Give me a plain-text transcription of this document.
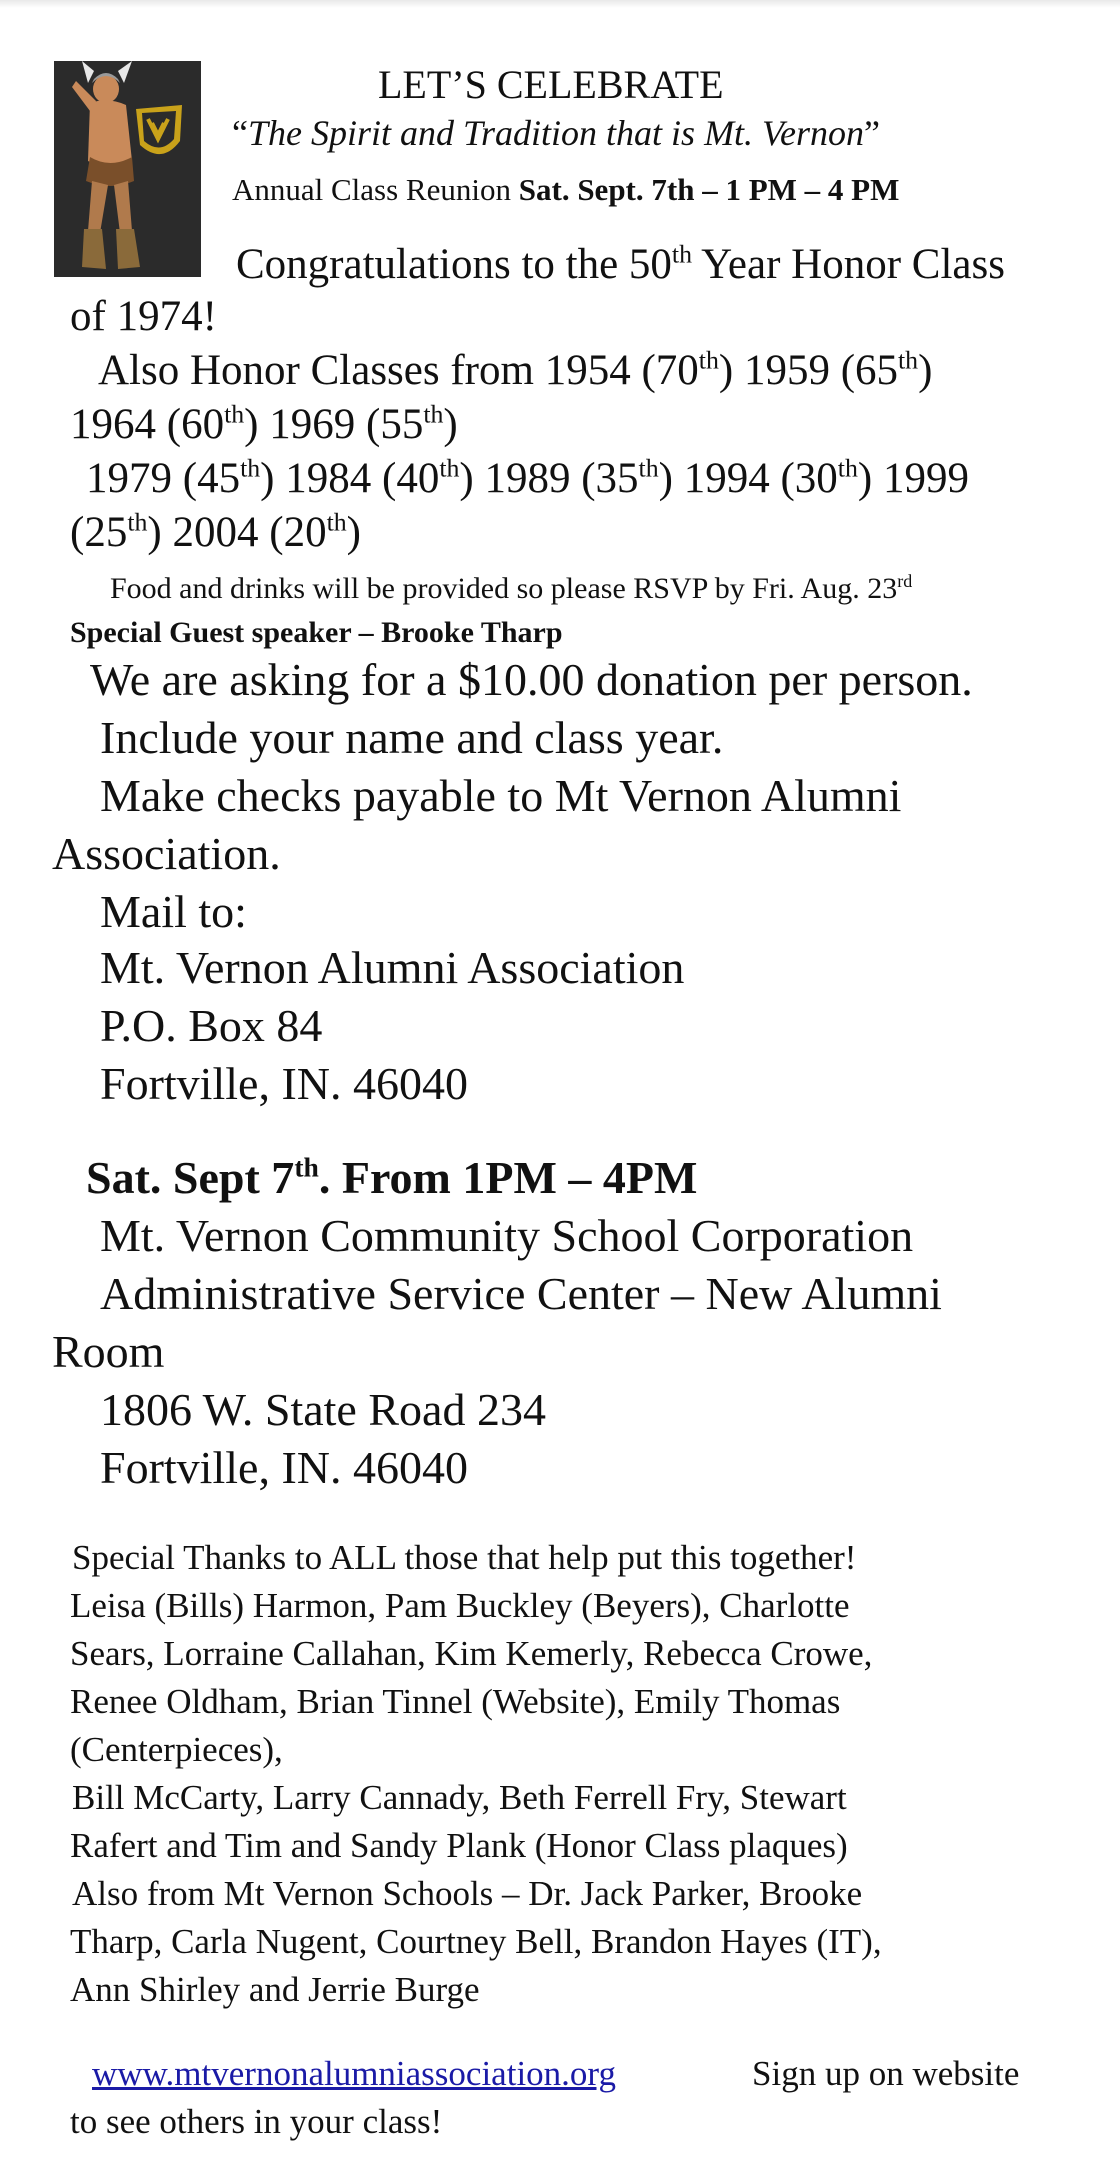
LET’S CELEBRATE
“The Spirit and Tradition that is Mt. Vernon”
Annual Class Reunion Sat. Sept. 7th – 1 PM – 4 PM
Congratulations to the 50th Year Honor Class
of 1974!
Also Honor Classes from 1954 (70th) 1959 (65th)
1964 (60th) 1969 (55th)
1979 (45th) 1984 (40th) 1989 (35th) 1994 (30th) 1999
(25th) 2004 (20th)
Food and drinks will be provided so please RSVP by Fri. Aug. 23rd
Special Guest speaker – Brooke Tharp
We are asking for a $10.00 donation per person.
Include your name and class year.
Make checks payable to Mt Vernon Alumni
Association.
Mail to:
Mt. Vernon Alumni Association
P.O. Box 84
Fortville, IN. 46040
Sat. Sept 7th. From 1PM – 4PM
Mt. Vernon Community School Corporation
Administrative Service Center – New Alumni
Room
1806 W. State Road 234
Fortville, IN. 46040
Special Thanks to ALL those that help put this together!
Leisa (Bills) Harmon, Pam Buckley (Beyers), Charlotte
Sears, Lorraine Callahan, Kim Kemerly, Rebecca Crowe,
Renee Oldham, Brian Tinnel (Website), Emily Thomas
(Centerpieces),
Bill McCarty, Larry Cannady, Beth Ferrell Fry, Stewart
Rafert and Tim and Sandy Plank (Honor Class plaques)
Also from Mt Vernon Schools – Dr. Jack Parker, Brooke
Tharp, Carla Nugent, Courtney Bell, Brandon Hayes (IT),
Ann Shirley and Jerrie Burge
www.mtvernonalumniassociation.org	Sign up on website
to see others in your class!
